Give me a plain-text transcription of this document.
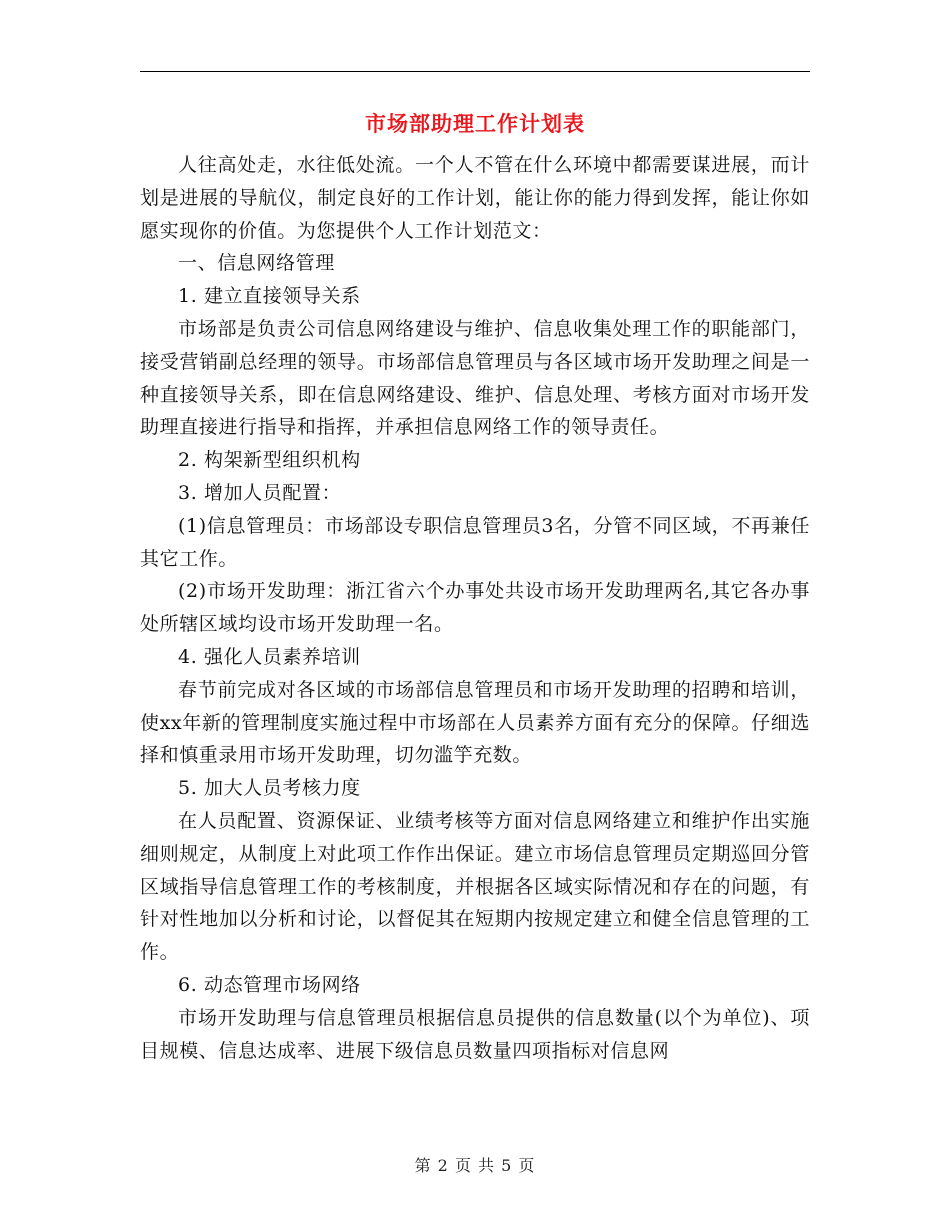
市场部助理工作计划表

人往高处走，水往低处流。一个人不管在什么环境中都需要谋进展，而计划是进展的导航仪，制定良好的工作计划，能让你的能力得到发挥，能让你如愿实现你的价值。为您提供个人工作计划范文：

一、信息网络管理

1. 建立直接领导关系

市场部是负责公司信息网络建设与维护、信息收集处理工作的职能部门，接受营销副总经理的领导。市场部信息管理员与各区域市场开发助理之间是一种直接领导关系，即在信息网络建设、维护、信息处理、考核方面对市场开发助理直接进行指导和指挥，并承担信息网络工作的领导责任。

2. 构架新型组织机构

3. 增加人员配置：

(1)信息管理员：市场部设专职信息管理员3名，分管不同区域，不再兼任其它工作。

(2)市场开发助理：浙江省六个办事处共设市场开发助理两名,其它各办事处所辖区域均设市场开发助理一名。

4. 强化人员素养培训

春节前完成对各区域的市场部信息管理员和市场开发助理的招聘和培训，使xx年新的管理制度实施过程中市场部在人员素养方面有充分的保障。仔细选择和慎重录用市场开发助理，切勿滥竽充数。

5. 加大人员考核力度

在人员配置、资源保证、业绩考核等方面对信息网络建立和维护作出实施细则规定，从制度上对此项工作作出保证。建立市场信息管理员定期巡回分管区域指导信息管理工作的考核制度，并根据各区域实际情况和存在的问题，有针对性地加以分析和讨论，以督促其在短期内按规定建立和健全信息管理的工作。

6. 动态管理市场网络

市场开发助理与信息管理员根据信息员提供的信息数量(以个为单位)、项目规模、信息达成率、进展下级信息员数量四项指标对信息网

第 2 页 共 5 页
